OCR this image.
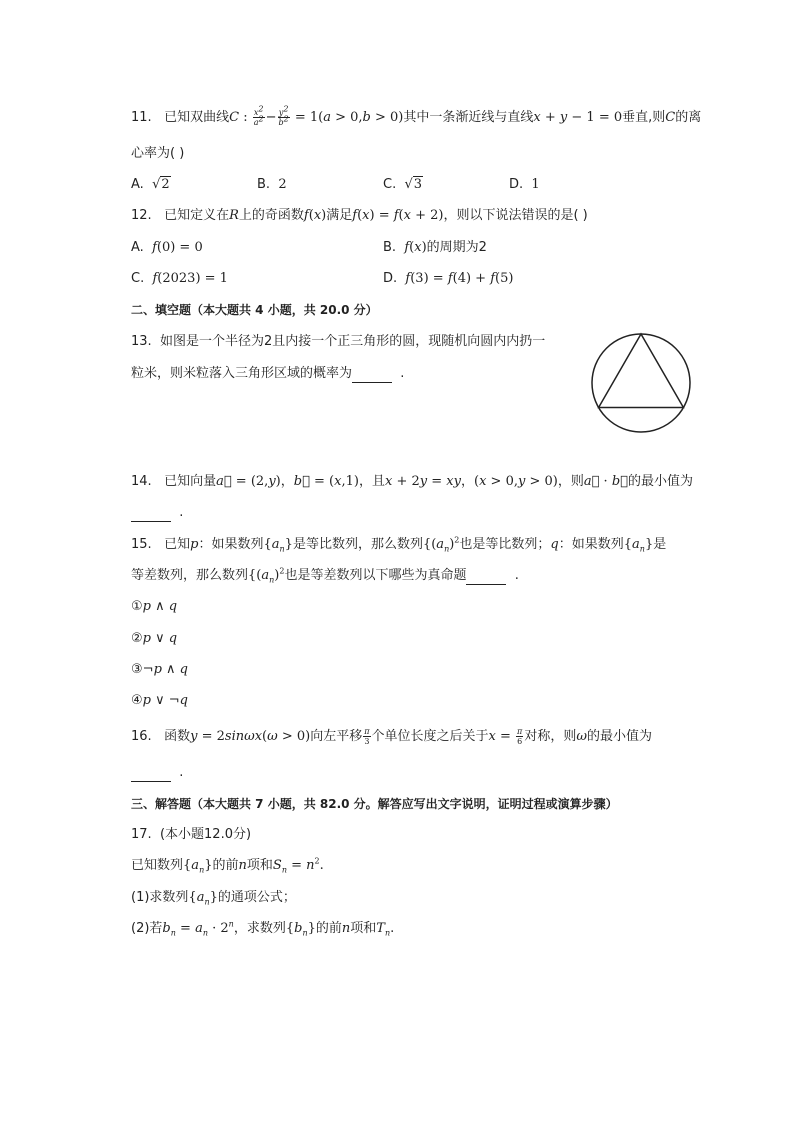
11. 已知双曲线C : $\frac{x^2}{a^2} - \frac{y^2}{b^2} = 1(a > 0,b > 0)$其中一条渐近线与直线x + y − 1 = 0垂直,则C的离
心率为( )
A. √2	B. 2	C. √3	D. 1
12. 已知定义在R上的奇函数f(x)满足f(x) = f(x + 2)，则以下说法错误的是( )
A. f(0) = 0	B. f(x)的周期为2
C. f(2023) = 1	D. f(3) = f(4) + f(5)
二、填空题（本大题共 4 小题，共 20.0 分）
13. 如图是一个半径为2且内接一个正三角形的圆，现随机向圆内内扔一
粒米，则米粒落入三角形区域的概率为	.
14. 已知向量a⃗ = (2,y)，b⃗ = (x,1)，且x + 2y = xy，(x > 0,y > 0)，则a⃗ · b⃗的最小值为
.
15. 已知p：如果数列$\{a_n\}$是等比数列，那么数列{$(a_n)^2$也是等比数列；q：如果数列$\{a_n\}$是
等差数列，那么数列{$(a_n)^2$也是等差数列以下哪些为真命题	.
①p ∧ q
②p ∨ q
③¬p ∧ q
④p ∨ ¬q
16. 函数y = 2sinωx(ω > 0)向左平移 $\frac{\pi}{3}$ 个单位长度之后关于$x = \frac{\pi}{6}$ 对称，则ω的最小值为
.
三、解答题（本大题共 7 小题，共 82.0 分。解答应写出文字说明，证明过程或演算步骤）
17. (本小题12.0分)
已知数列$\{a_n\}$的前n项和$S_n = n^2$.
(1)求数列$\{a_n\}$的通项公式；
(2)若$b_n = a_n \cdot 2^n$，求数列$\{b_n\}$的前n项和$T_n$.
